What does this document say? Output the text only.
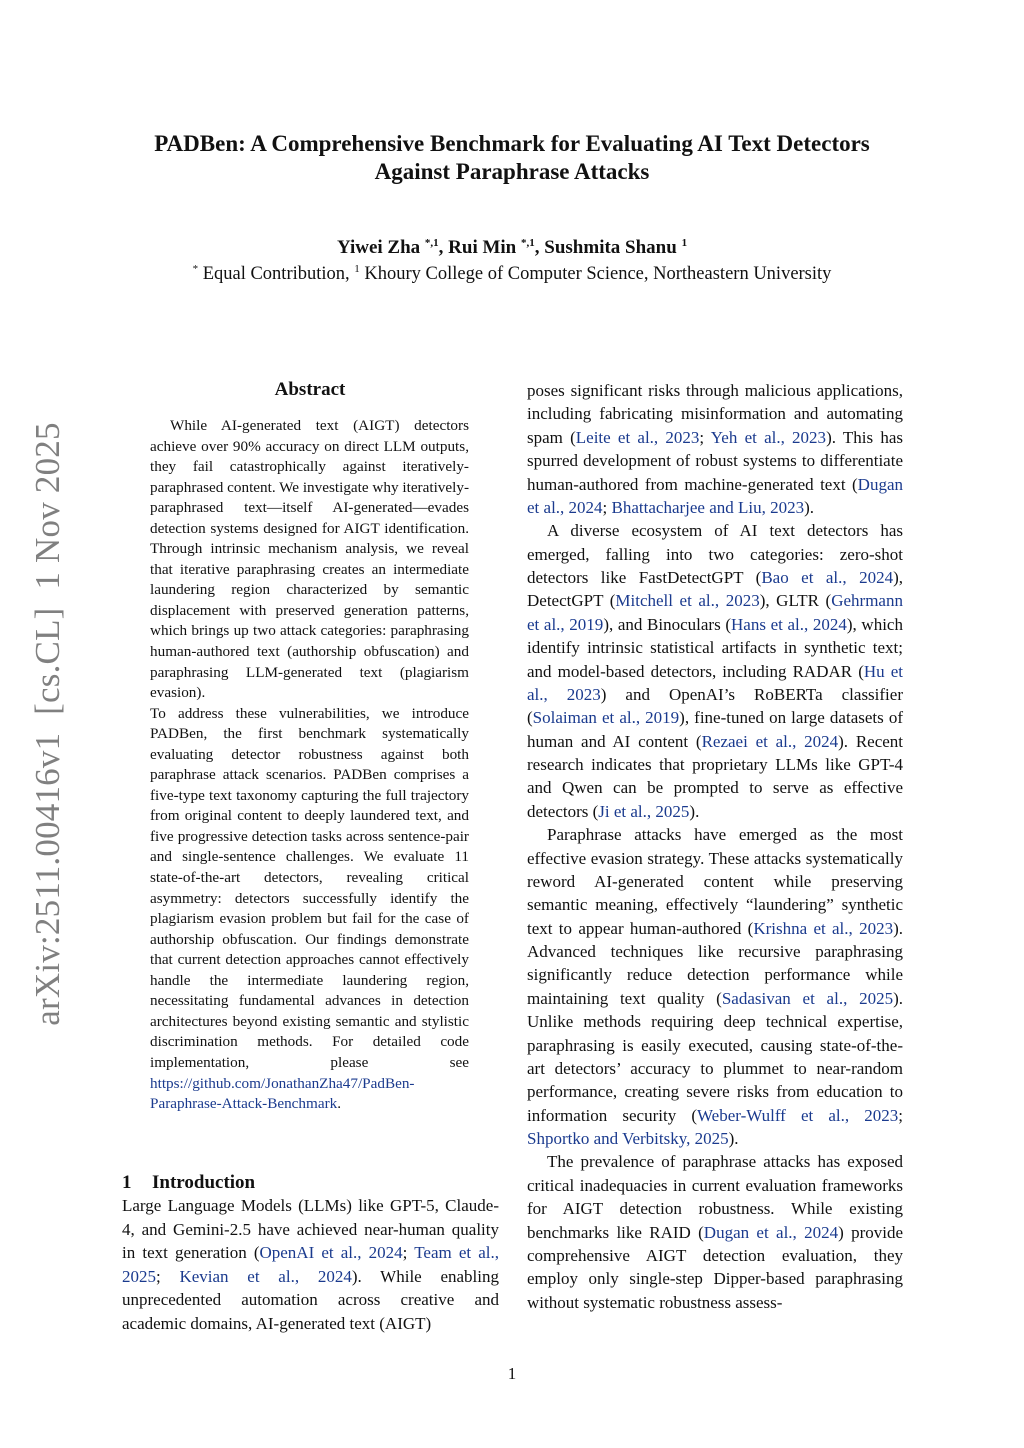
PADBen: A Comprehensive Benchmark for Evaluating AI Text Detectors
Against Paraphrase Attacks
Yiwei Zha $^{*,1}$, Rui Min $^{*,1}$, Sushmita Shanu $^1$
* Equal Contribution, $^1$ Khoury College of Computer Science, Northeastern University
arXiv:2511.00416v1  [cs.CL]  1 Nov 2025
Abstract

While AI-generated text (AIGT) detectors achieve over 90% accuracy on direct LLM outputs, they fail catastrophically against iteratively-paraphrased content. We investigate why iteratively-paraphrased text—itself AI-generated—evades detection systems designed for AIGT identification. Through intrinsic mechanism analysis, we reveal that iterative paraphrasing creates an intermediate laundering region characterized by semantic displacement with preserved generation patterns, which brings up two attack categories: paraphrasing human-authored text (authorship obfuscation) and paraphrasing LLM-generated text (plagiarism evasion).

To address these vulnerabilities, we introduce PADBen, the first benchmark systematically evaluating detector robustness against both paraphrase attack scenarios. PADBen comprises a five-type text taxonomy capturing the full trajectory from original content to deeply laundered text, and five progressive detection tasks across sentence-pair and single-sentence challenges. We evaluate 11 state-of-the-art detectors, revealing critical asymmetry: detectors successfully identify the plagiarism evasion problem but fail for the case of authorship obfuscation. Our findings demonstrate that current detection approaches cannot effectively handle the intermediate laundering region, necessitating fundamental advances in detection architectures beyond existing semantic and stylistic discrimination methods. For detailed code implementation, please see https://github.com/JonathanZha47/PadBen-Paraphrase-Attack-Benchmark.

1 Introduction

Large Language Models (LLMs) like GPT-5, Claude-4, and Gemini-2.5 have achieved near-human quality in text generation (OpenAI et al., 2024; Team et al., 2025; Kevian et al., 2024). While enabling unprecedented automation across creative and academic domains, AI-generated text (AIGT)

poses significant risks through malicious applications, including fabricating misinformation and automating spam (Leite et al., 2023; Yeh et al., 2023). This has spurred development of robust systems to differentiate human-authored from machine-generated text (Dugan et al., 2024; Bhattacharjee and Liu, 2023).

A diverse ecosystem of AI text detectors has emerged, falling into two categories: zero-shot detectors like FastDetectGPT (Bao et al., 2024), DetectGPT (Mitchell et al., 2023), GLTR (Gehrmann et al., 2019), and Binoculars (Hans et al., 2024), which identify intrinsic statistical artifacts in synthetic text; and model-based detectors, including RADAR (Hu et al., 2023) and OpenAI’s RoBERTa classifier (Solaiman et al., 2019), fine-tuned on large datasets of human and AI content (Rezaei et al., 2024). Recent research indicates that proprietary LLMs like GPT-4 and Qwen can be prompted to serve as effective detectors (Ji et al., 2025).

Paraphrase attacks have emerged as the most effective evasion strategy. These attacks systematically reword AI-generated content while preserving semantic meaning, effectively “laundering” synthetic text to appear human-authored (Krishna et al., 2023). Advanced techniques like recursive paraphrasing significantly reduce detection performance while maintaining text quality (Sadasivan et al., 2025). Unlike methods requiring deep technical expertise, paraphrasing is easily executed, causing state-of-the-art detectors’ accuracy to plummet to near-random performance, creating severe risks from education to information security (Weber-Wulff et al., 2023; Shportko and Verbitsky, 2025).

The prevalence of paraphrase attacks has exposed critical inadequacies in current evaluation frameworks for AIGT detection robustness. While existing benchmarks like RAID (Dugan et al., 2024) provide comprehensive AIGT detection evaluation, they employ only single-step Dipper-based paraphrasing without systematic robustness assess-

1
